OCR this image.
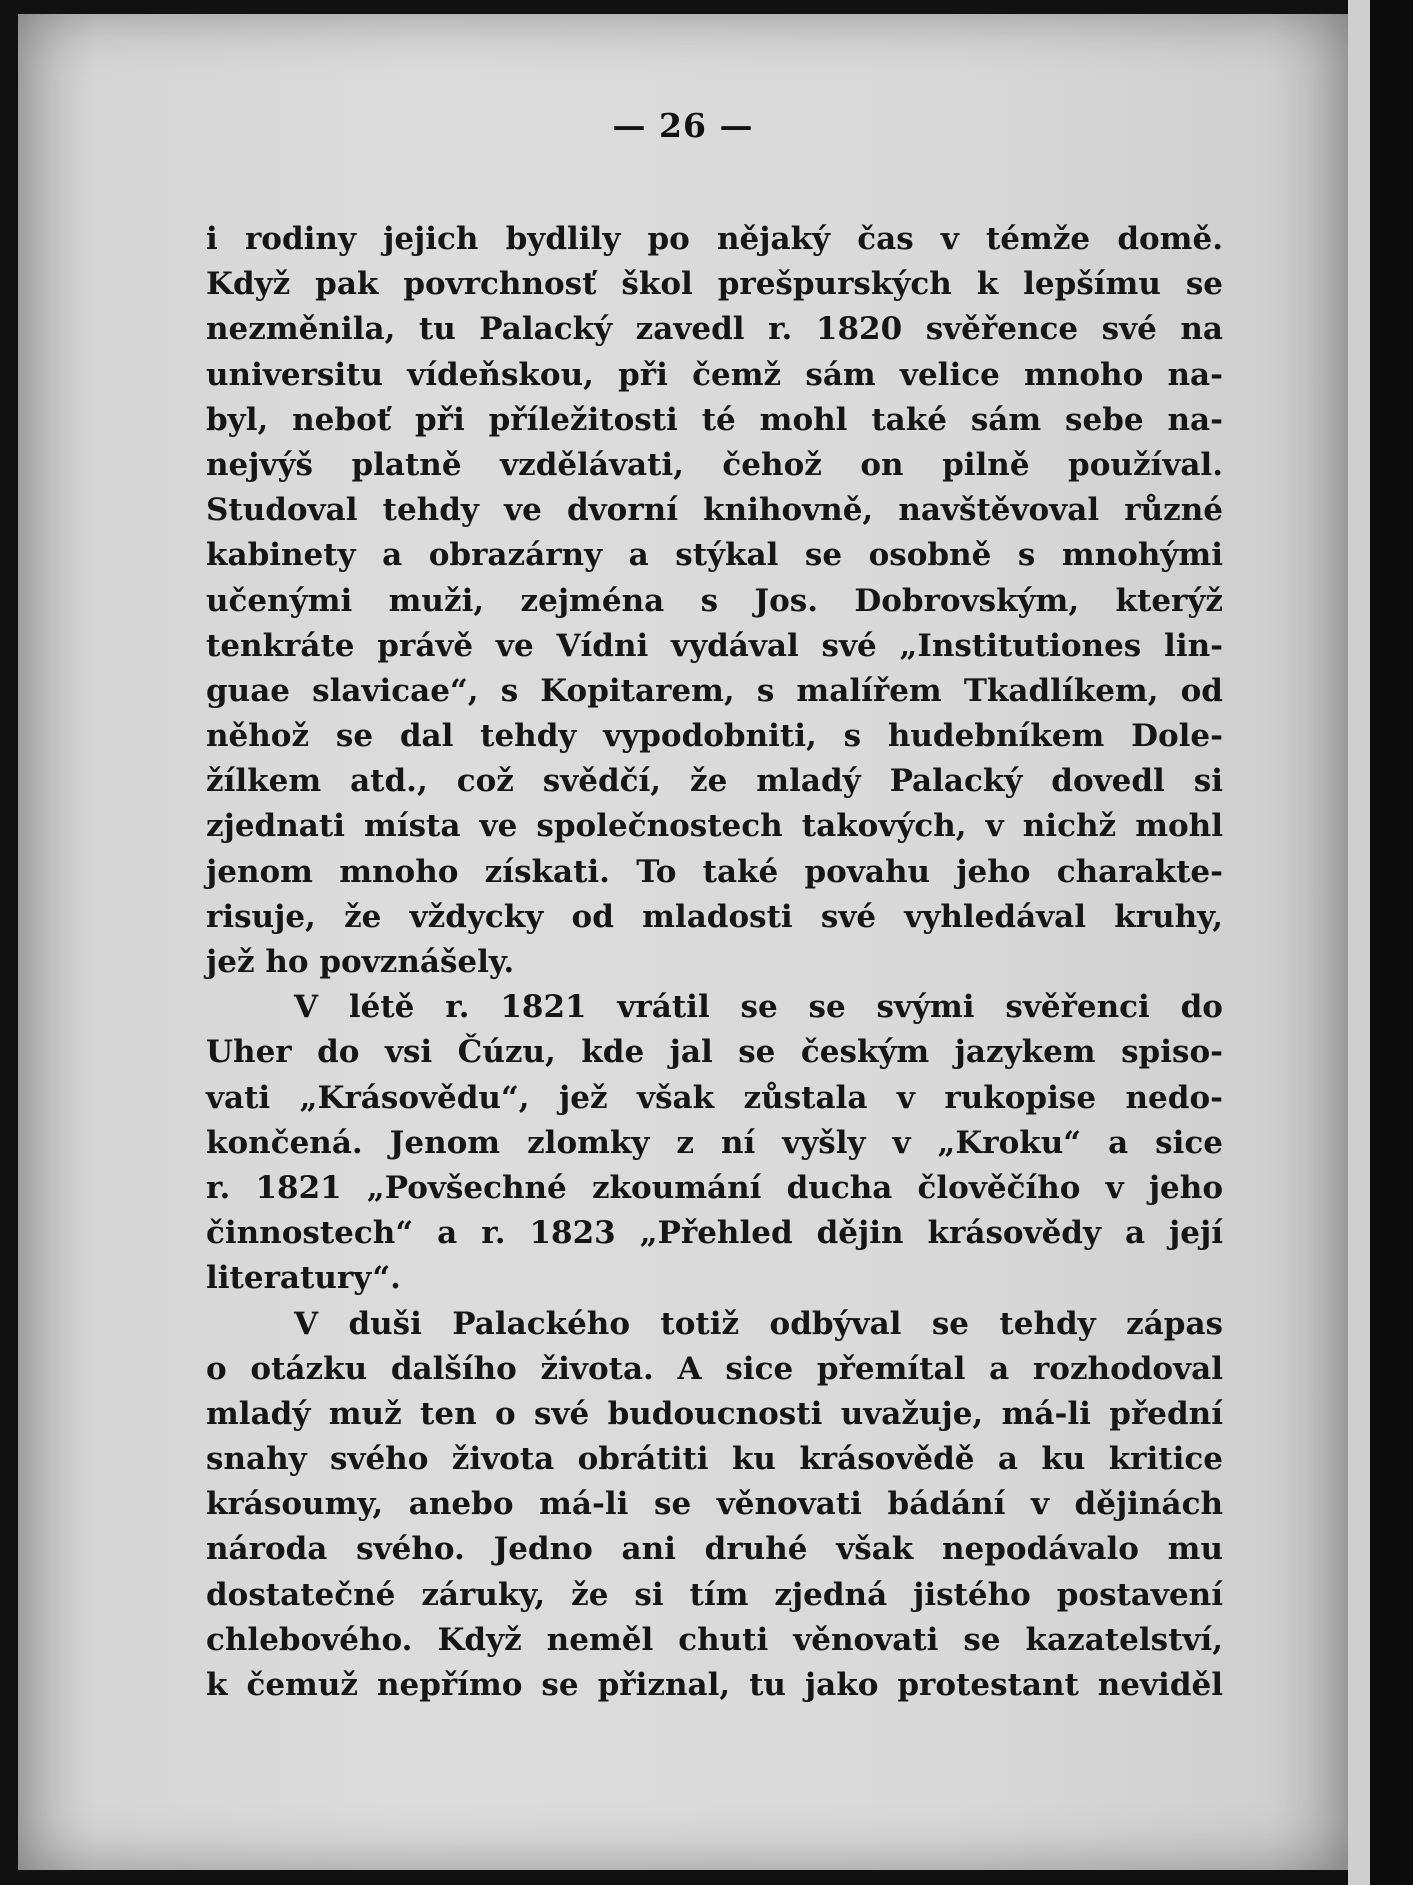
— 26 —
i rodiny jejich bydlily po nějaký čas v témže domě.
Když pak povrchnosť škol prešpurských k lepšímu se
nezměnila, tu Palacký zavedl r. 1820 svěřence své na
universitu vídeňskou, při čemž sám velice mnoho na-
byl, neboť při příležitosti té mohl také sám sebe na-
nejvýš platně vzdělávati, čehož on pilně používal.
Studoval tehdy ve dvorní knihovně, navštěvoval různé
kabinety a obrazárny a stýkal se osobně s mnohými
učenými muži, zejména s Jos. Dobrovským, kterýž
tenkráte právě ve Vídni vydával své „Institutiones lin-
guae slavicae“, s Kopitarem, s malířem Tkadlíkem, od
něhož se dal tehdy vypodobniti, s hudebníkem Dole-
žílkem atd., což svědčí, že mladý Palacký dovedl si
zjednati místa ve společnostech takových, v nichž mohl
jenom mnoho získati. To také povahu jeho charakte-
risuje, že vždycky od mladosti své vyhledával kruhy,
jež ho povznášely.
V létě r. 1821 vrátil se se svými svěřenci do
Uher do vsi Čúzu, kde jal se českým jazykem spiso-
vati „Krásovědu“, jež však zůstala v rukopise nedo-
končená. Jenom zlomky z ní vyšly v „Kroku“ a sice
r. 1821 „Povšechné zkoumání ducha člověčího v jeho
činnostech“ a r. 1823 „Přehled dějin krásovědy a její
literatury“.
V duši Palackého totiž odbýval se tehdy zápas
o otázku dalšího života. A sice přemítal a rozhodoval
mladý muž ten o své budoucnosti uvažuje, má-li přední
snahy svého života obrátiti ku krásovědě a ku kritice
krásoumy, anebo má-li se věnovati bádání v dějinách
národa svého. Jedno ani druhé však nepodávalo mu
dostatečné záruky, že si tím zjedná jistého postavení
chlebového. Když neměl chuti věnovati se kazatelství,
k čemuž nepřímo se přiznal, tu jako protestant neviděl
